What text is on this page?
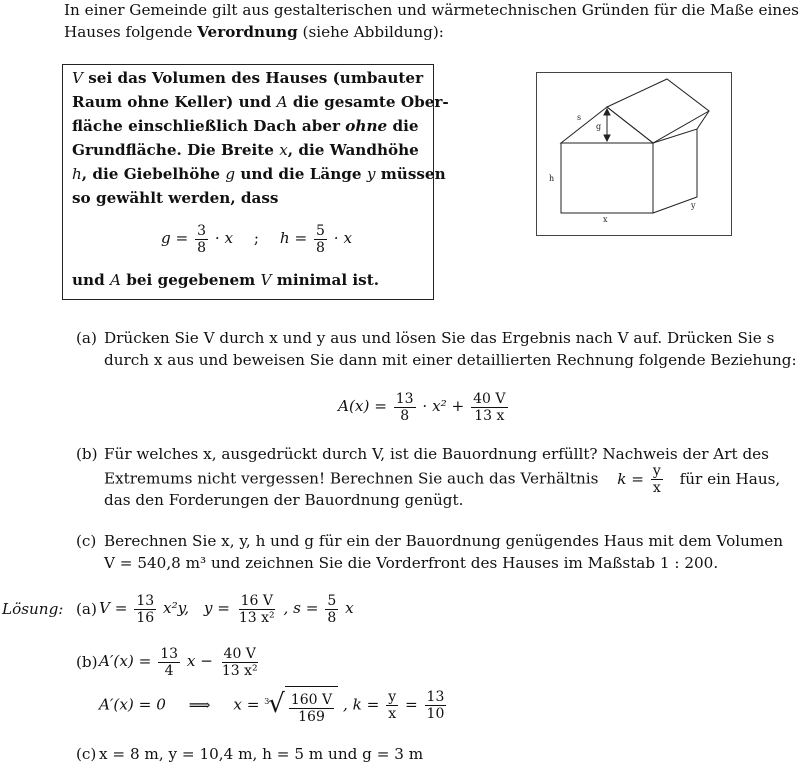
In einer Gemeinde gilt aus gestalterischen und wärmetechnischen Gründen für die Maße eines
Hauses folgende Verordnung (siehe Abbildung):
V sei das Volumen des Hauses (umbauter
Raum ohne Keller) und A die gesamte Ober-
fläche einschließlich Dach aber ohne die
Grundfläche. Die Breite x, die Wandhöhe
h, die Giebelhöhe g und die Länge y müssen
so gewählt werden, dass
$g = \frac{3}{8} \cdot x$ ; $h = \frac{5}{8} \cdot x$
und A bei gegebenem V minimal ist.
s
g
h
x
y
(a) Drücken Sie V durch x und y aus und lösen Sie das Ergebnis nach V auf. Drücken Sie s
durch x aus und beweisen Sie dann mit einer detaillierten Rechnung folgende Beziehung:
$A(x) = \frac{13}{8} \cdot x^2 + \frac{40 V}{13 x}$
(b) Für welches x, ausgedrückt durch V, ist die Bauordnung erfüllt? Nachweis der Art des
Extremums nicht vergessen! Berechnen Sie auch das Verhältnis $k = \frac{y}{x}$ für ein Haus,
das den Forderungen der Bauordnung genügt.
(c) Berechnen Sie x, y, h und g für ein der Bauordnung genügendes Haus mit dem Volumen
V = 540,8 m³ und zeichnen Sie die Vorderfront des Hauses im Maßstab 1 : 200.
Lösung: (a) $V = \frac{13}{16} x^2y$, $y = \frac{16 V}{\text{13 x²}}$ , $s = \frac{5}{8}$ x
(b) $A'(x) = \frac{13}{4}$ $x - \frac{40 V}{\text{13 x²}}$
A′(x) = 0 ⟹ x = 3
√ $\frac{160 V}{169}$ , $k = \frac{y}{x} = \frac{13}{10}$
(c) x = 8 m, y = 10,4 m, h = 5 m und g = 3 m
